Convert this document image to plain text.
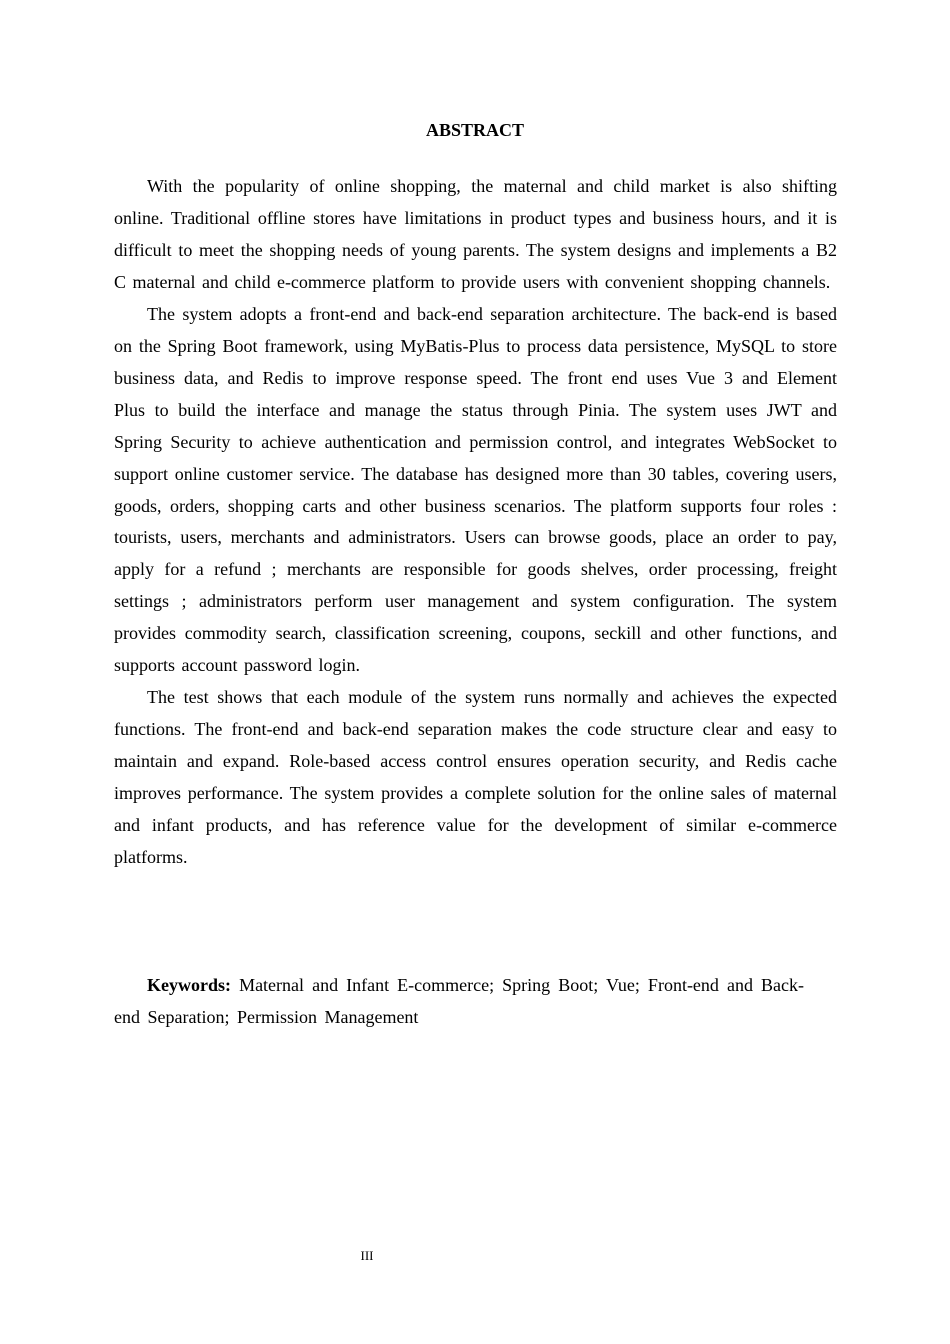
ABSTRACT

With the popularity of online shopping, the maternal and child market is also shifting online. Traditional offline stores have limitations in product types and business hours, and it is difficult to meet the shopping needs of young parents. The system designs and implements a B2 C maternal and child e-commerce platform to provide users with convenient shopping channels.

The system adopts a front-end and back-end separation architecture. The back-end is based on the Spring Boot framework, using MyBatis-Plus to process data persistence, MySQL to store business data, and Redis to improve response speed. The front end uses Vue 3 and Element Plus to build the interface and manage the status through Pinia. The system uses JWT and Spring Security to achieve authentication and permission control, and integrates WebSocket to support online customer service. The database has designed more than 30 tables, covering users, goods, orders, shopping carts and other business scenarios. The platform supports four roles : tourists, users, merchants and administrators. Users can browse goods, place an order to pay, apply for a refund ; merchants are responsible for goods shelves, order processing, freight settings ; administrators perform user management and system configuration. The system provides commodity search, classification screening, coupons, seckill and other functions, and supports account password login.

The test shows that each module of the system runs normally and achieves the expected functions. The front-end and back-end separation makes the code structure clear and easy to maintain and expand. Role-based access control ensures operation security, and Redis cache improves performance. The system provides a complete solution for the online sales of maternal and infant products, and has reference value for the development of similar e-commerce platforms.

Keywords: Maternal and Infant E-commerce; Spring Boot; Vue; Front-end and Back-end Separation; Permission Management

III
